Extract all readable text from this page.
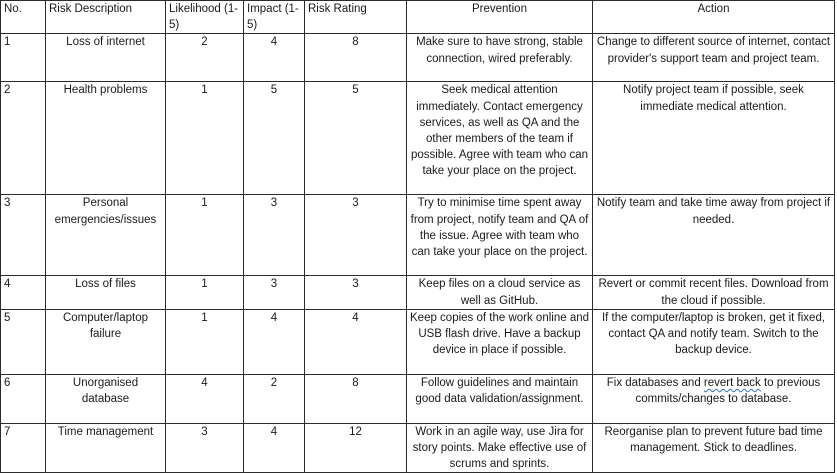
No.	Risk Description	Likelihood (1-5)	Impact (1-5)	Risk Rating	Prevention	Action
1	Loss of internet	2	4	8	Make sure to have strong, stable connection, wired preferably.	Change to different source of internet, contact provider's support team and project team.
2	Health problems	1	5	5	Seek medical attention immediately. Contact emergency services, as well as QA and the other members of the team if possible. Agree with team who can take your place on the project.	Notify project team if possible, seek immediate medical attention.
3	Personal emergencies/issues	1	3	3	Try to minimise time spent away from project, notify team and QA of the issue. Agree with team who can take your place on the project.	Notify team and take time away from project if needed.
4	Loss of files	1	3	3	Keep files on a cloud service as well as GitHub.	Revert or commit recent files. Download from the cloud if possible.
5	Computer/laptop failure	1	4	4	Keep copies of the work online and USB flash drive. Have a backup device in place if possible.	If the computer/laptop is broken, get it fixed, contact QA and notify team. Switch to the backup device.
6	Unorganised database	4	2	8	Follow guidelines and maintain good data validation/assignment.	Fix databases and revert back to previous commits/changes to database.
7	Time management	3	4	12	Work in an agile way, use Jira for story points. Make effective use of scrums and sprints.	Reorganise plan to prevent future bad time management. Stick to deadlines.
